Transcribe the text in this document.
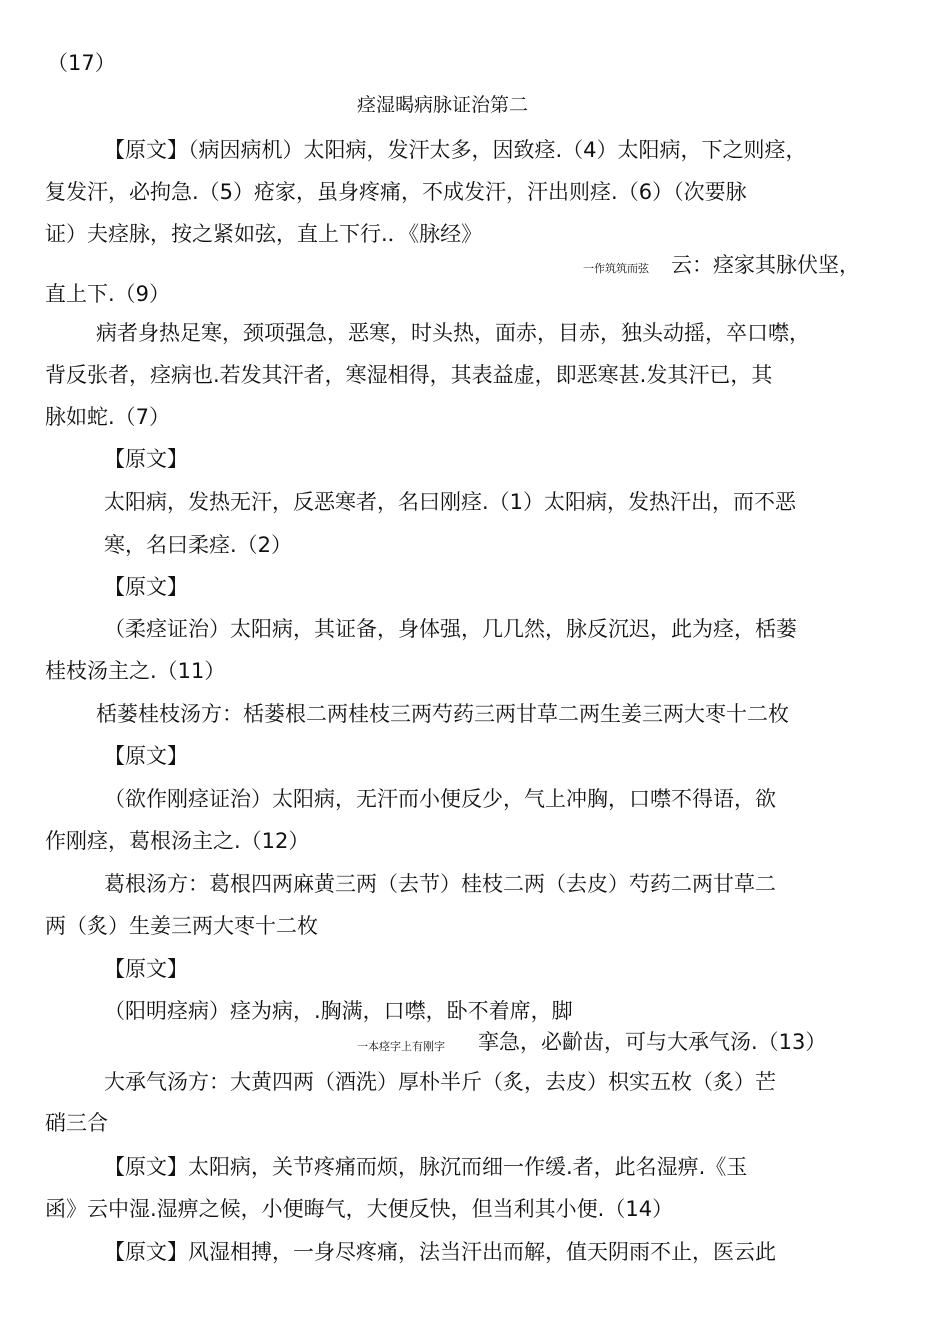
（17）
痉湿暍病脉证治第二
【原文】（病因病机）太阳病，发汗太多，因致痉.（4）太阳病，下之则痉，
复发汗，必拘急.（5）疮家，虽身疼痛，不成发汗，汗出则痉.（6）（次要脉
证）夫痉脉，按之紧如弦，直上下行.．《脉经》
一作筑筑而弦 云：痉家其脉伏坚，
直上下.（9）
病者身热足寒，颈项强急，恶寒，时头热，面赤，目赤，独头动摇，卒口噤，
背反张者，痉病也.若发其汗者，寒湿相得，其表益虚，即恶寒甚.发其汗已，其
脉如蛇.（7）
【原文】
太阳病，发热无汗，反恶寒者，名曰刚痉.（1）太阳病，发热汗出，而不恶
寒，名曰柔痉.（2）
【原文】
（柔痉证治）太阳病，其证备，身体强，几几然，脉反沉迟，此为痉，栝蒌
桂枝汤主之.（11）
栝蒌桂枝汤方：栝蒌根二两桂枝三两芍药三两甘草二两生姜三两大枣十二枚
【原文】
（欲作刚痉证治）太阳病，无汗而小便反少，气上冲胸，口噤不得语，欲
作刚痉，葛根汤主之.（12）
葛根汤方：葛根四两麻黄三两（去节）桂枝二两（去皮）芍药二两甘草二
两（炙）生姜三两大枣十二枚
【原文】
（阳明痉病）痉为病，.胸满，口噤，卧不着席，脚
一本痉字上有刚字 挛急，必齘齿，可与大承气汤.（13）
大承气汤方：大黄四两（酒洗）厚朴半斤（炙，去皮）枳实五枚（炙）芒
硝三合
【原文】太阳病，关节疼痛而烦，脉沉而细一作缓.者，此名湿痹.《玉
函》云中湿.湿痹之候，小便晦气，大便反快，但当利其小便.（14）
【原文】风湿相搏，一身尽疼痛，法当汗出而解，值天阴雨不止，医云此
